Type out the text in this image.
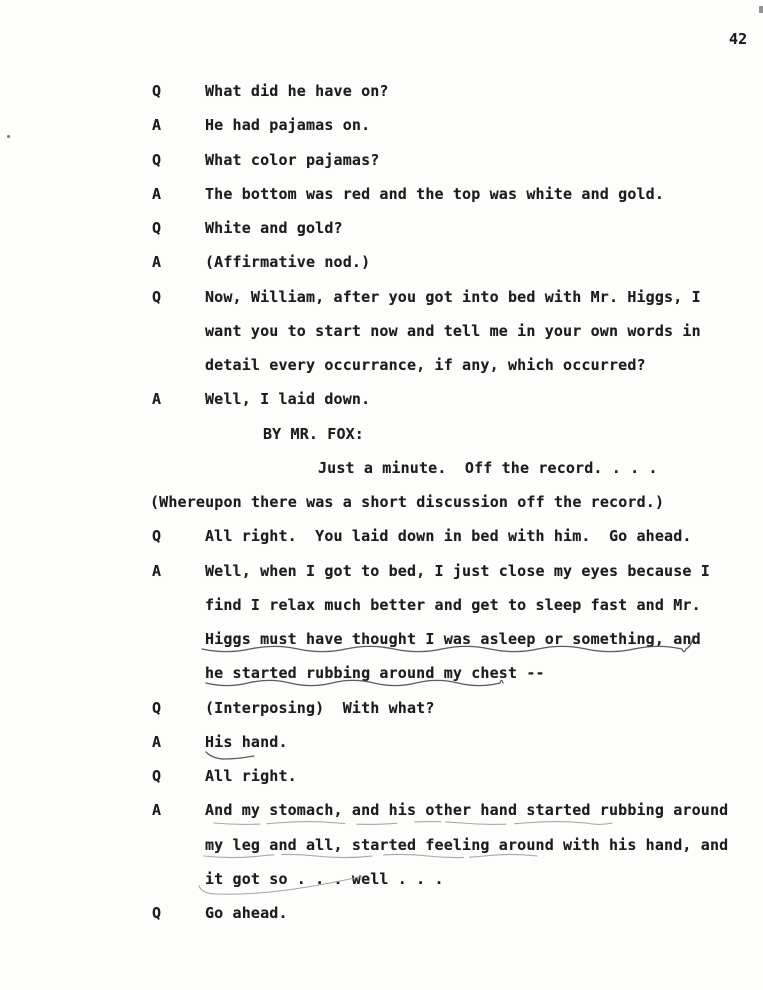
42
Q	What did he have on?
A	He had pajamas on.
Q	What color pajamas?
A	The bottom was red and the top was white and gold.
Q	White and gold?
A	(Affirmative nod.)
Q	Now, William, after you got into bed with Mr. Higgs, I
want you to start now and tell me in your own words in
detail every occurrance, if any, which occurred?
A	Well, I laid down.
BY MR. FOX:
Just a minute.  Off the record. . . .
(Whereupon there was a short discussion off the record.)
Q	All right.  You laid down in bed with him.  Go ahead.
A	Well, when I got to bed, I just close my eyes because I
find I relax much better and get to sleep fast and Mr.
Higgs must have thought I was asleep or something, and
he started rubbing around my chest --
Q	(Interposing)  With what?
A	His hand.
Q	All right.
A	And my stomach, and his other hand started rubbing around
my leg and all, started feeling around with his hand, and
it got so . . . well . . .
Q	Go ahead.
